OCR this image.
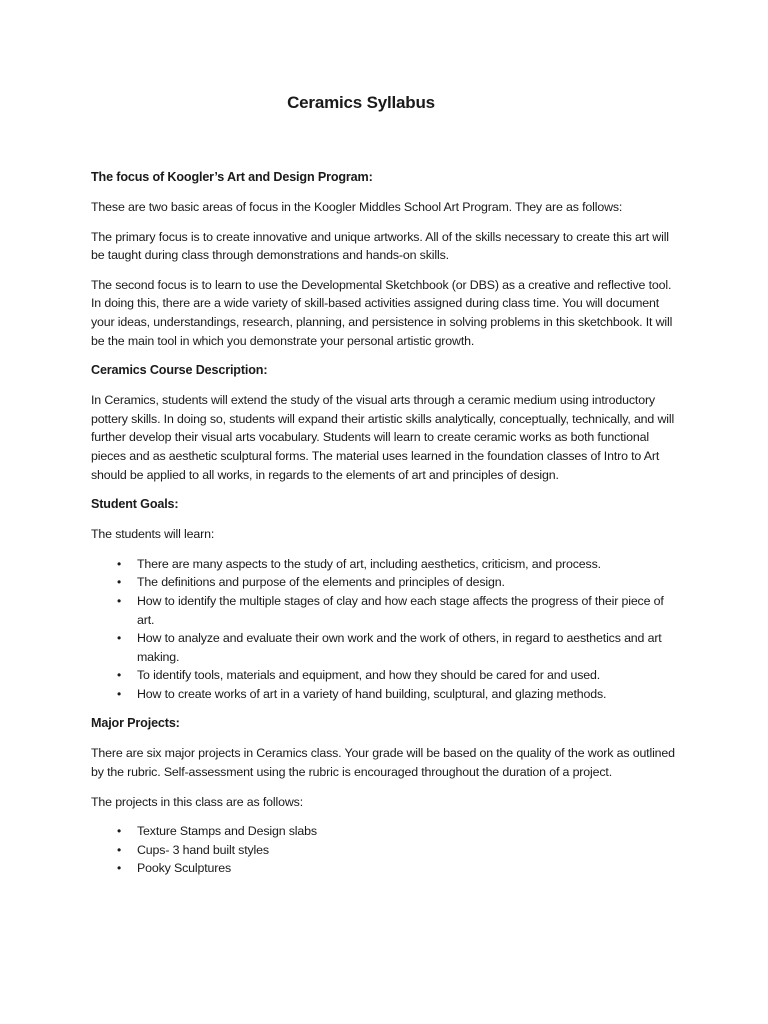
Ceramics Syllabus
The focus of Koogler’s Art and Design Program:

These are two basic areas of focus in the Koogler Middles School Art Program. They are as follows:

The primary focus is to create innovative and unique artworks. All of the skills necessary to create this art will be taught during class through demonstrations and hands-on skills.

The second focus is to learn to use the Developmental Sketchbook (or DBS) as a creative and reflective tool. In doing this, there are a wide variety of skill-based activities assigned during class time. You will document your ideas, understandings, research, planning, and persistence in solving problems in this sketchbook. It will be the main tool in which you demonstrate your personal artistic growth.

Ceramics Course Description:

In Ceramics, students will extend the study of the visual arts through a ceramic medium using introductory pottery skills. In doing so, students will expand their artistic skills analytically, conceptually, technically, and will further develop their visual arts vocabulary. Students will learn to create ceramic works as both functional pieces and as aesthetic sculptural forms. The material uses learned in the foundation classes of Intro to Art should be applied to all works, in regards to the elements of art and principles of design.

Student Goals:

The students will learn:

• There are many aspects to the study of art, including aesthetics, criticism, and process.
• The definitions and purpose of the elements and principles of design.
• How to identify the multiple stages of clay and how each stage affects the progress of their piece of art.
• How to analyze and evaluate their own work and the work of others, in regard to aesthetics and art making.
• To identify tools, materials and equipment, and how they should be cared for and used.
• How to create works of art in a variety of hand building, sculptural, and glazing methods.
Major Projects:

There are six major projects in Ceramics class. Your grade will be based on the quality of the work as outlined by the rubric. Self-assessment using the rubric is encouraged throughout the duration of a project.

The projects in this class are as follows:

• Texture Stamps and Design slabs
• Cups- 3 hand built styles
• Pooky Sculptures
